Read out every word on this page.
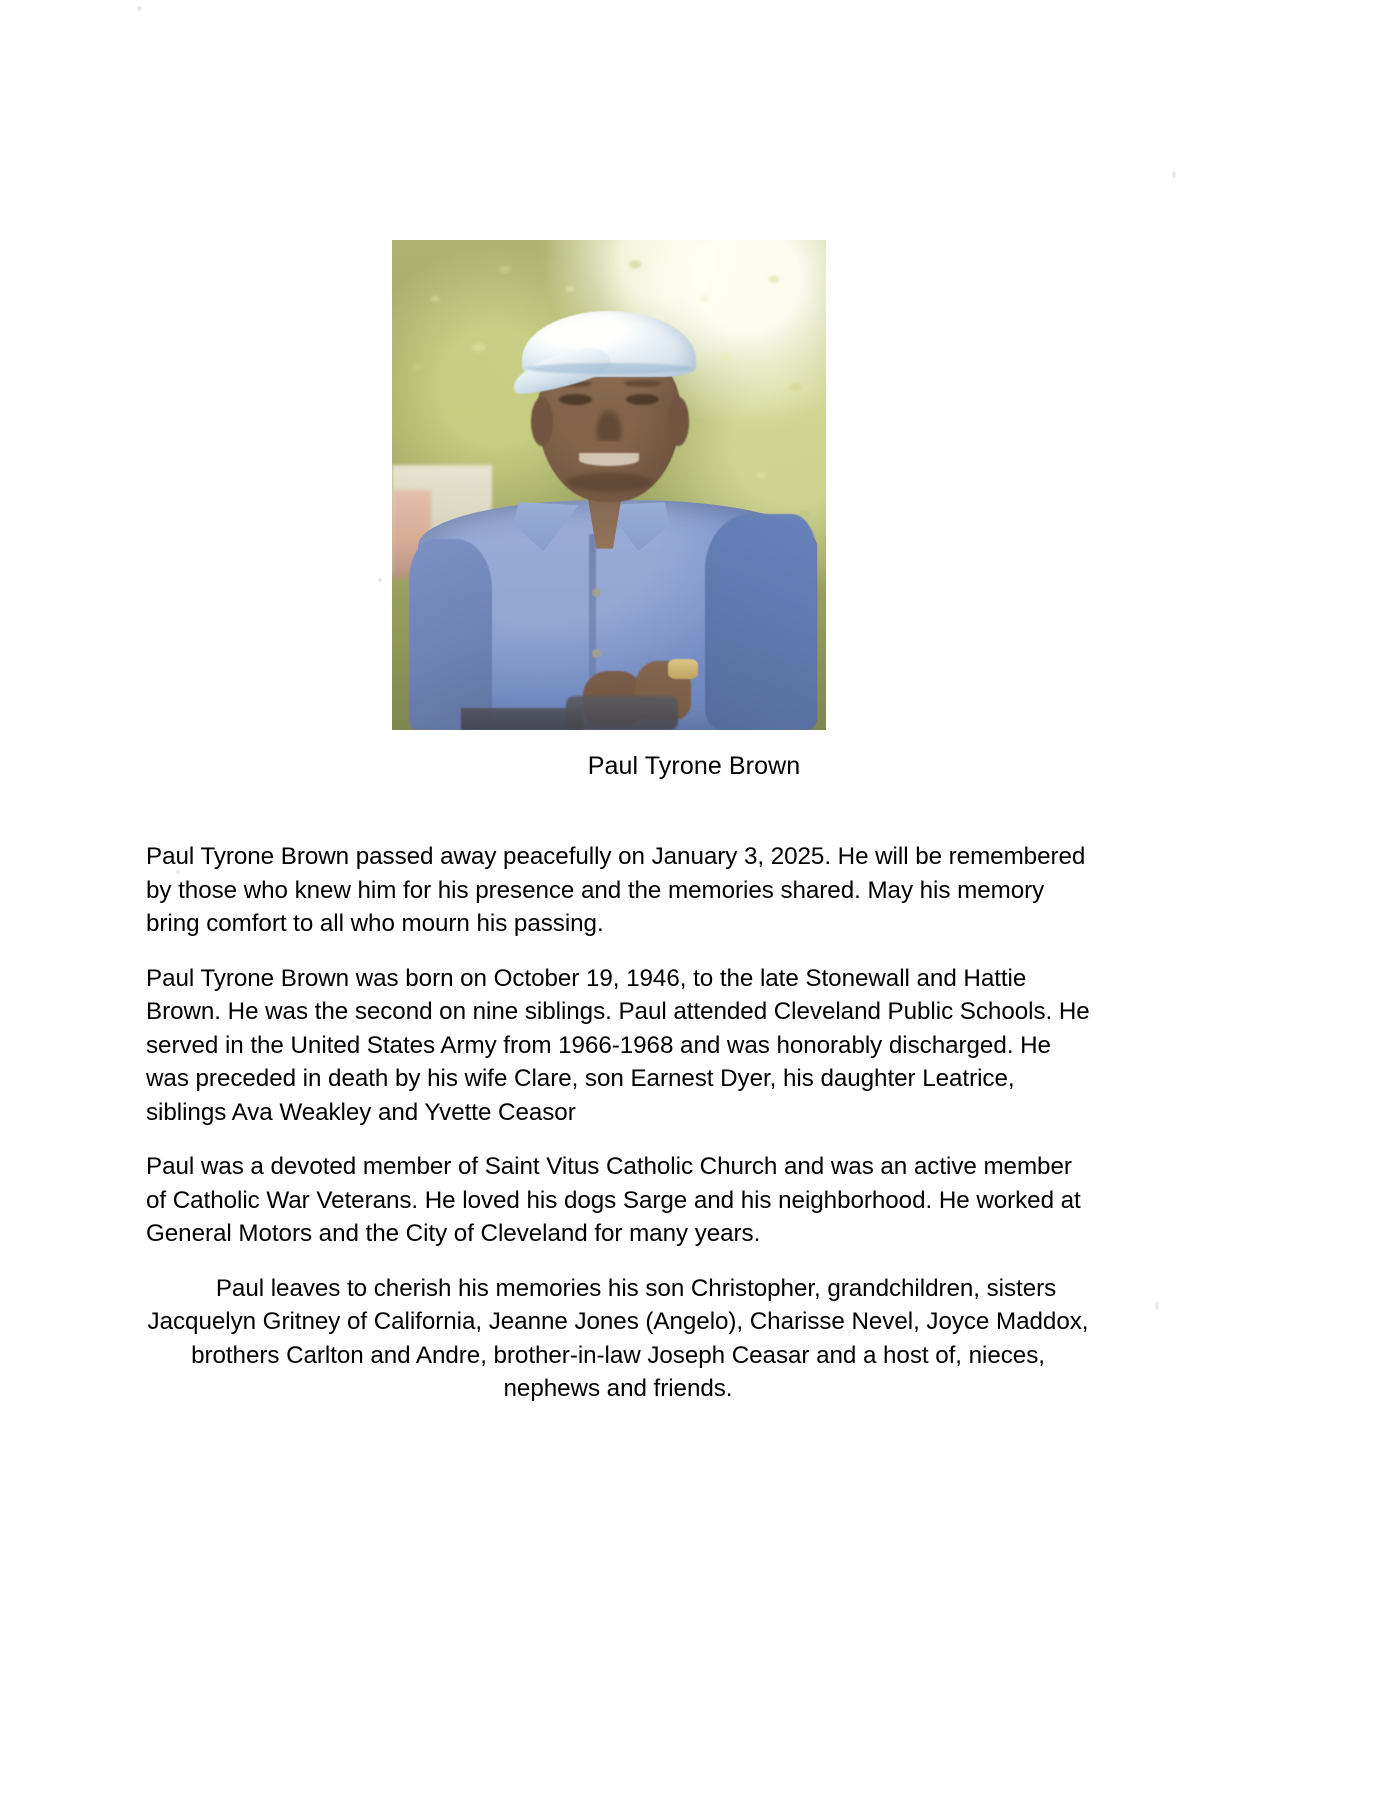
Paul Tyrone Brown

Paul Tyrone Brown passed away peacefully on January 3, 2025. He will be remembered by those who knew him for his presence and the memories shared. May his memory bring comfort to all who mourn his passing.

Paul Tyrone Brown was born on October 19, 1946, to the late Stonewall and Hattie Brown. He was the second on nine siblings. Paul attended Cleveland Public Schools. He served in the United States Army from 1966-1968 and was honorably discharged. He was preceded in death by his wife Clare, son Earnest Dyer, his daughter Leatrice, siblings Ava Weakley and Yvette Ceasor

Paul was a devoted member of Saint Vitus Catholic Church and was an active member of Catholic War Veterans. He loved his dogs Sarge and his neighborhood. He worked at General Motors and the City of Cleveland for many years.

Paul leaves to cherish his memories his son Christopher, grandchildren, sisters Jacquelyn Gritney of California, Jeanne Jones (Angelo), Charisse Nevel, Joyce Maddox, brothers Carlton and Andre, brother-in-law Joseph Ceasar and a host of, nieces, nephews and friends.
